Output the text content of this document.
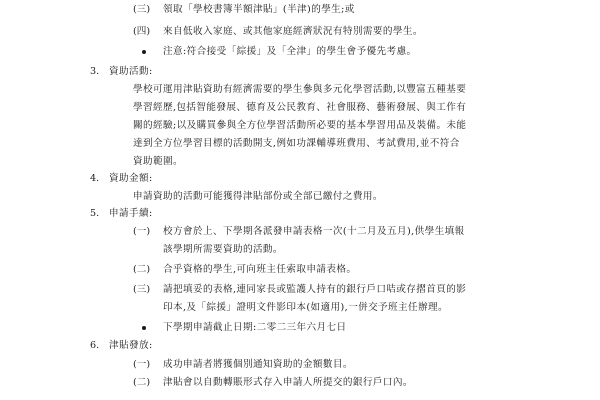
(三) 領取「學校書簿半額津貼」(半津)的學生;或
(四) 來自低收入家庭、或其他家庭經濟狀況有特別需要的學生。
注意:符合接受「綜援」及「全津」的學生會予優先考慮。
3. 資助活動:
學校可運用津貼資助有經濟需要的學生參與多元化學習活動,以豐富五種基要
學習經歷,包括智能發展、德育及公民教育、社會服務、藝術發展、與工作有
關的經驗;以及購買參與全方位學習活動所必要的基本學習用品及裝備。未能
達到全方位學習目標的活動開支,例如功課輔導班費用、考試費用,並不符合
資助範圍。
4. 資助金額:
申請資助的活動可能獲得津貼部份或全部已繳付之費用。
5. 申請手續:
(一) 校方會於上、下學期各派發申請表格一次(十二月及五月),供學生填報
該學期所需要資助的活動。
(二) 合乎資格的學生,可向班主任索取申請表格。
(三) 請把填妥的表格,連同家長或監護人持有的銀行戶口咭或存摺首頁的影
印本,及「綜援」證明文件影印本(如適用),一併交予班主任辦理。
下學期申請截止日期:二零二三年六月七日
6. 津貼發放:
(一) 成功申請者將獲個別通知資助的金額數目。
(二) 津貼會以自動轉賬形式存入申請人所提交的銀行戶口內。
